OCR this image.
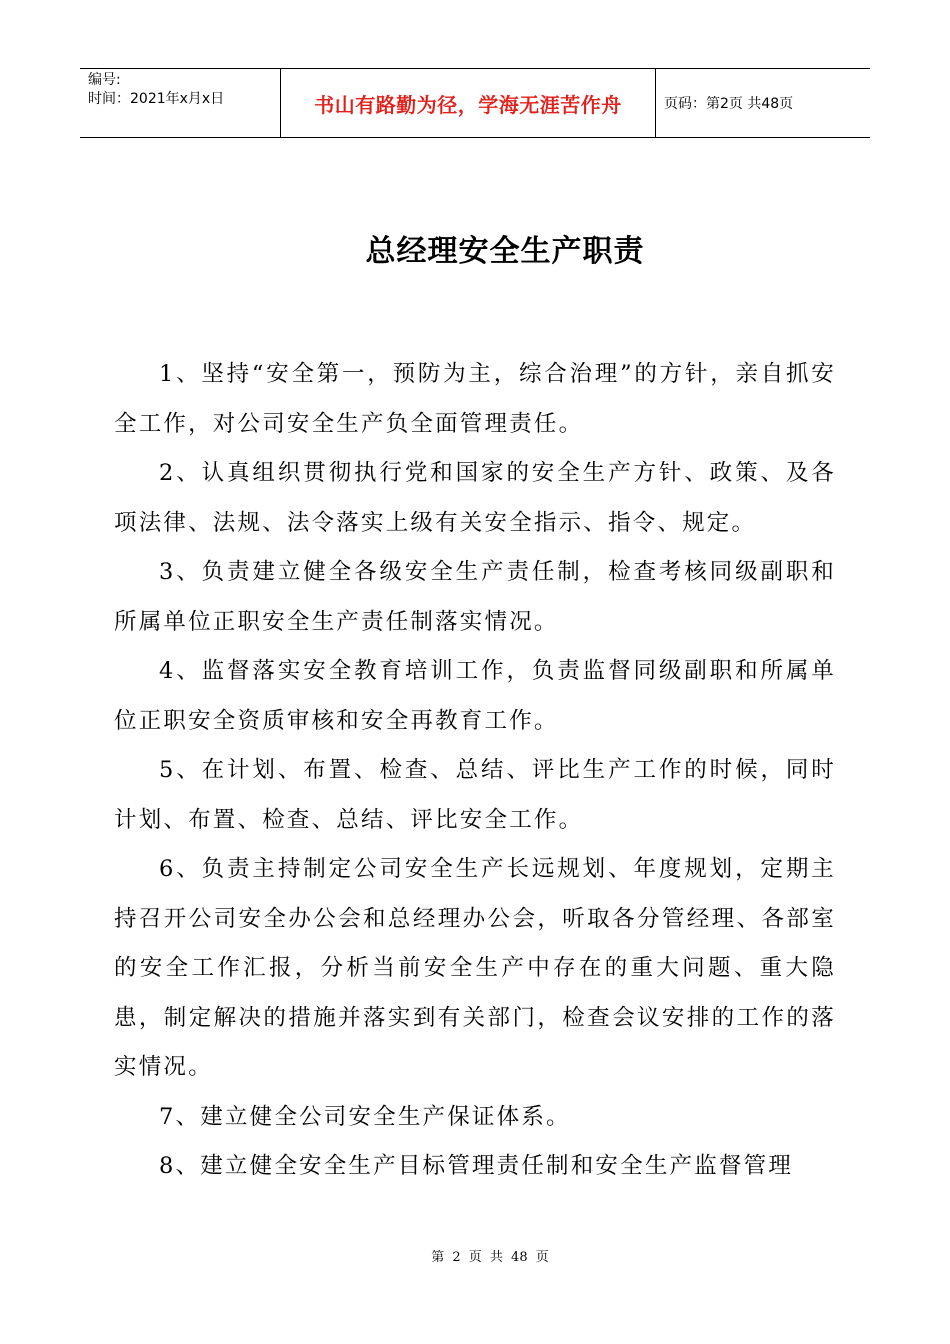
编号:
时间：2021年x月x日	书山有路勤为径，学海无涯苦作舟	页码：第2页 共48页
总经理安全生产职责

1、坚持“安全第一，预防为主，综合治理”的方针，亲自抓安全工作，对公司安全生产负全面管理责任。

2、认真组织贯彻执行党和国家的安全生产方针、政策、及各项法律、法规、法令落实上级有关安全指示、指令、规定。

3、负责建立健全各级安全生产责任制，检查考核同级副职和所属单位正职安全生产责任制落实情况。

4、监督落实安全教育培训工作，负责监督同级副职和所属单位正职安全资质审核和安全再教育工作。

5、在计划、布置、检查、总结、评比生产工作的时候，同时计划、布置、检查、总结、评比安全工作。

6、负责主持制定公司安全生产长远规划、年度规划，定期主持召开公司安全办公会和总经理办公会，听取各分管经理、各部室的安全工作汇报，分析当前安全生产中存在的重大问题、重大隐患，制定解决的措施并落实到有关部门，检查会议安排的工作的落实情况。

7、建立健全公司安全生产保证体系。

8、建立健全安全生产目标管理责任制和安全生产监督管理

第 2 页 共 48 页
